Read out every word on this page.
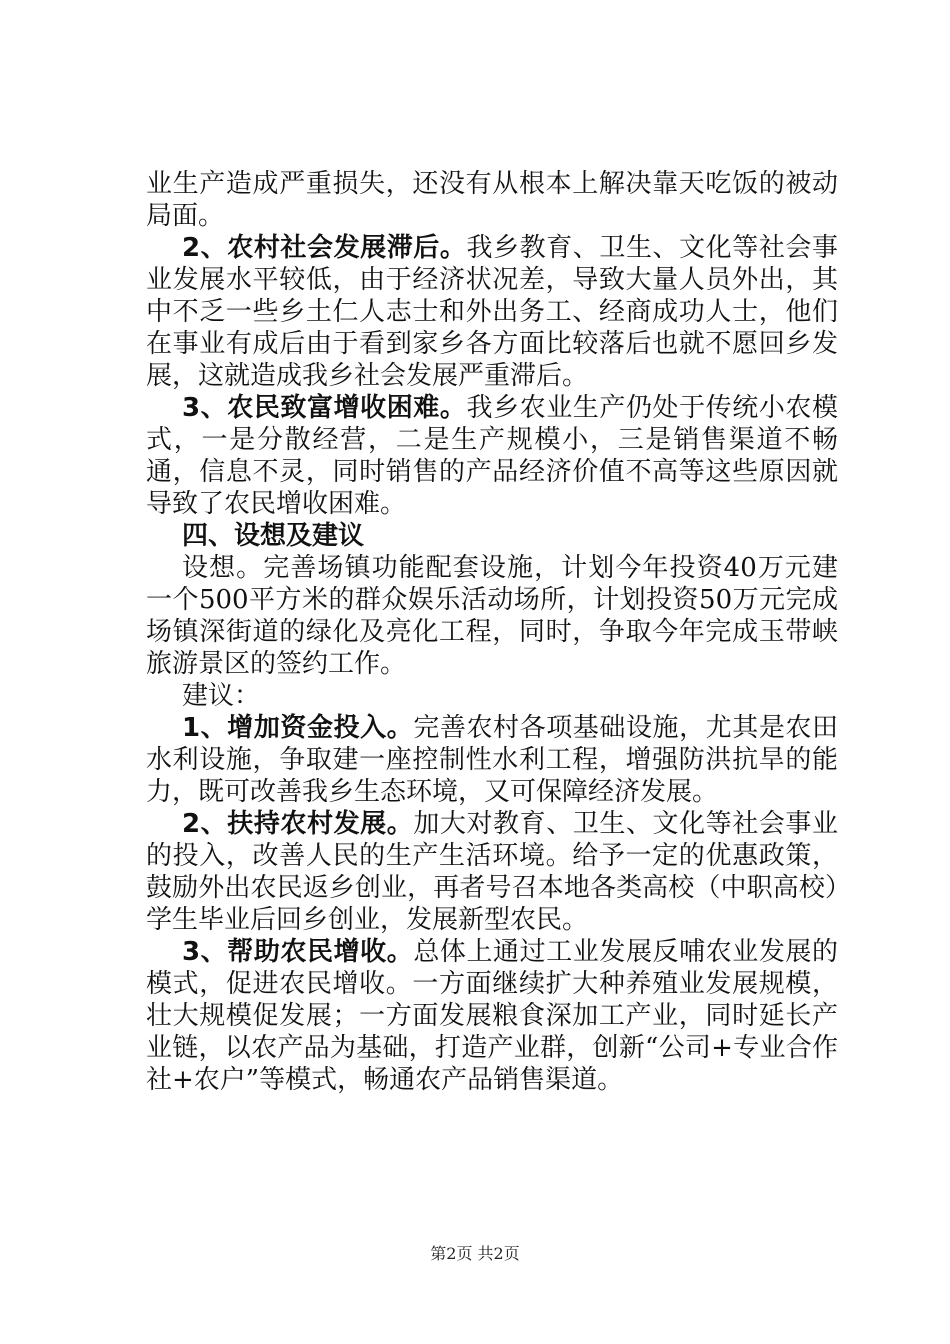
业生产造成严重损失，还没有从根本上解决靠天吃饭的被动局面。

2、农村社会发展滞后。我乡教育、卫生、文化等社会事业发展水平较低，由于经济状况差，导致大量人员外出，其中不乏一些乡土仁人志士和外出务工、经商成功人士，他们在事业有成后由于看到家乡各方面比较落后也就不愿回乡发展，这就造成我乡社会发展严重滞后。

3、农民致富增收困难。我乡农业生产仍处于传统小农模式，一是分散经营，二是生产规模小，三是销售渠道不畅通，信息不灵，同时销售的产品经济价值不高等这些原因就导致了农民增收困难。

四、设想及建议

设想。完善场镇功能配套设施，计划今年投资40万元建一个500平方米的群众娱乐活动场所，计划投资50万元完成场镇深街道的绿化及亮化工程，同时，争取今年完成玉带峡旅游景区的签约工作。

建议：

1、增加资金投入。完善农村各项基础设施，尤其是农田水利设施，争取建一座控制性水利工程，增强防洪抗旱的能力，既可改善我乡生态环境，又可保障经济发展。

2、扶持农村发展。加大对教育、卫生、文化等社会事业的投入，改善人民的生产生活环境。给予一定的优惠政策，鼓励外出农民返乡创业，再者号召本地各类高校（中职高校）学生毕业后回乡创业，发展新型农民。

3、帮助农民增收。总体上通过工业发展反哺农业发展的模式，促进农民增收。一方面继续扩大种养殖业发展规模，壮大规模促发展；一方面发展粮食深加工产业，同时延长产业链，以农产品为基础，打造产业群，创新“公司+专业合作社+农户”等模式，畅通农产品销售渠道。

第2页 共2页
